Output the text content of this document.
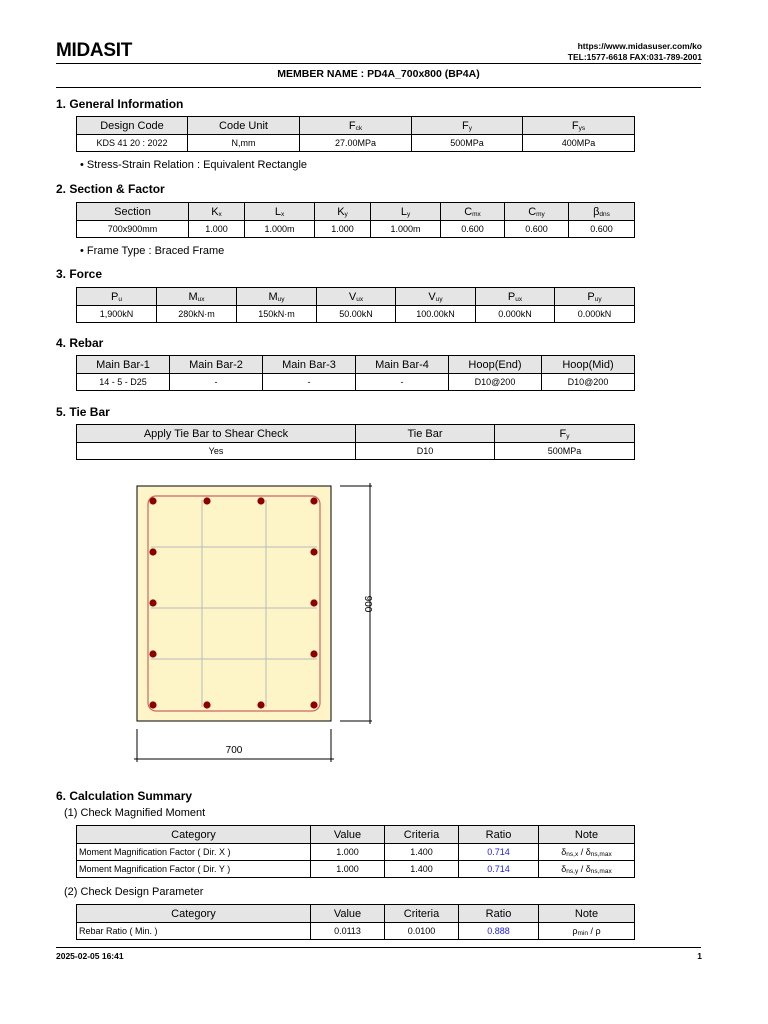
MIDASIT	https://www.midasuser.com/ko
TEL:1577-6618 FAX:031-789-2001
MEMBER NAME : PD4A_700x800 (BP4A)
1. General Information
Design Code	Code Unit	$F_{ck}$	$F_y$	$F_{ys}$
KDS 41 20 : 2022	N,mm	27.00MPa	500MPa	400MPa
• Stress-Strain Relation : Equivalent Rectangle
2. Section & Factor
Section	$K_x$	$L_x$	$K_y$	$L_y$	$C_{mx}$	$C_{my}$	$\beta_{dns}$
700x900mm	1.000	1.000m	1.000	1.000m	0.600	0.600	0.600
• Frame Type : Braced Frame
3. Force
$P_u$	$M_{ux}$	$M_{uy}$	$V_{ux}$	$V_{uy}$	$P_{ux}$	$P_{uy}$
1,900kN	280kN·m	150kN·m	50.00kN	100.00kN	0.000kN	0.000kN
4. Rebar
Main Bar-1	Main Bar-2	Main Bar-3	Main Bar-4	Hoop(End)	Hoop(Mid)
14 - 5 - D25	-	-	-	D10@200	D10@200
5. Tie Bar
Apply Tie Bar to Shear Check	Tie Bar	$F_y$
Yes	D10	500MPa
900
700
6. Calculation Summary
(1) Check Magnified Moment
Category	Value	Criteria	Ratio	Note
Moment Magnification Factor ( Dir. X )	1.000	1.400	0.714	$\delta_{ns,x} / \delta_{ns,max}$
Moment Magnification Factor ( Dir. Y )	1.000	1.400	0.714	$\delta_{ns,y} / \delta_{ns,max}$
(2) Check Design Parameter
Category	Value	Criteria	Ratio	Note
Rebar Ratio ( Min. )	0.0113	0.0100	0.888	$\rho_{min}$ / ρ
2025-02-05 16:41	1
